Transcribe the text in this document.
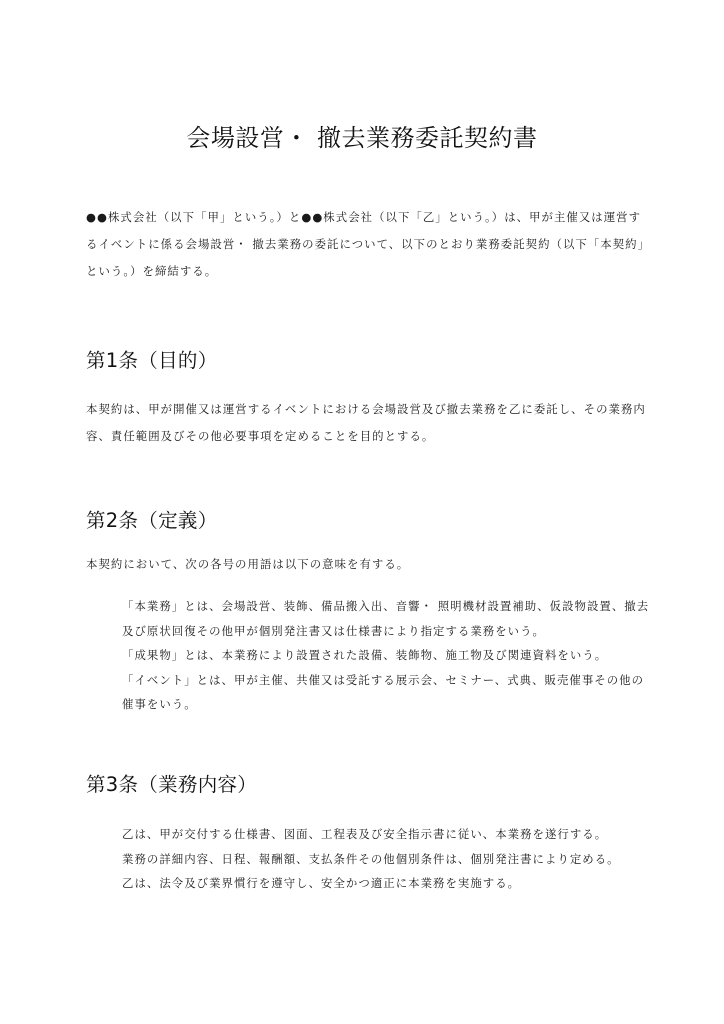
会場設営・ 撤去業務委託契約書

●●株式会社（以下「甲」という。）と●●株式会社（以下「乙」という。）は、甲が主催又は運営するイベントに係る会場設営・ 撤去業務の委託について、以下のとおり業務委託契約（以下「本契約」という。）を締結する。

第1条（目的）

本契約は、甲が開催又は運営するイベントにおける会場設営及び撤去業務を乙に委託し、その業務内容、責任範囲及びその他必要事項を定めることを目的とする。

第2条（定義）

本契約において、次の各号の用語は以下の意味を有する。

「本業務」とは、会場設営、装飾、備品搬入出、音響・ 照明機材設置補助、仮設物設置、撤去及び原状回復その他甲が個別発注書又は仕様書により指定する業務をいう。
「成果物」とは、本業務により設置された設備、装飾物、施工物及び関連資料をいう。
「イベント」とは、甲が主催、共催又は受託する展示会、セミナー、式典、販売催事その他の催事をいう。
第3条（業務内容）
乙は、甲が交付する仕様書、図面、工程表及び安全指示書に従い、本業務を遂行する。
業務の詳細内容、日程、報酬額、支払条件その他個別条件は、個別発注書により定める。
乙は、法令及び業界慣行を遵守し、安全かつ適正に本業務を実施する。
